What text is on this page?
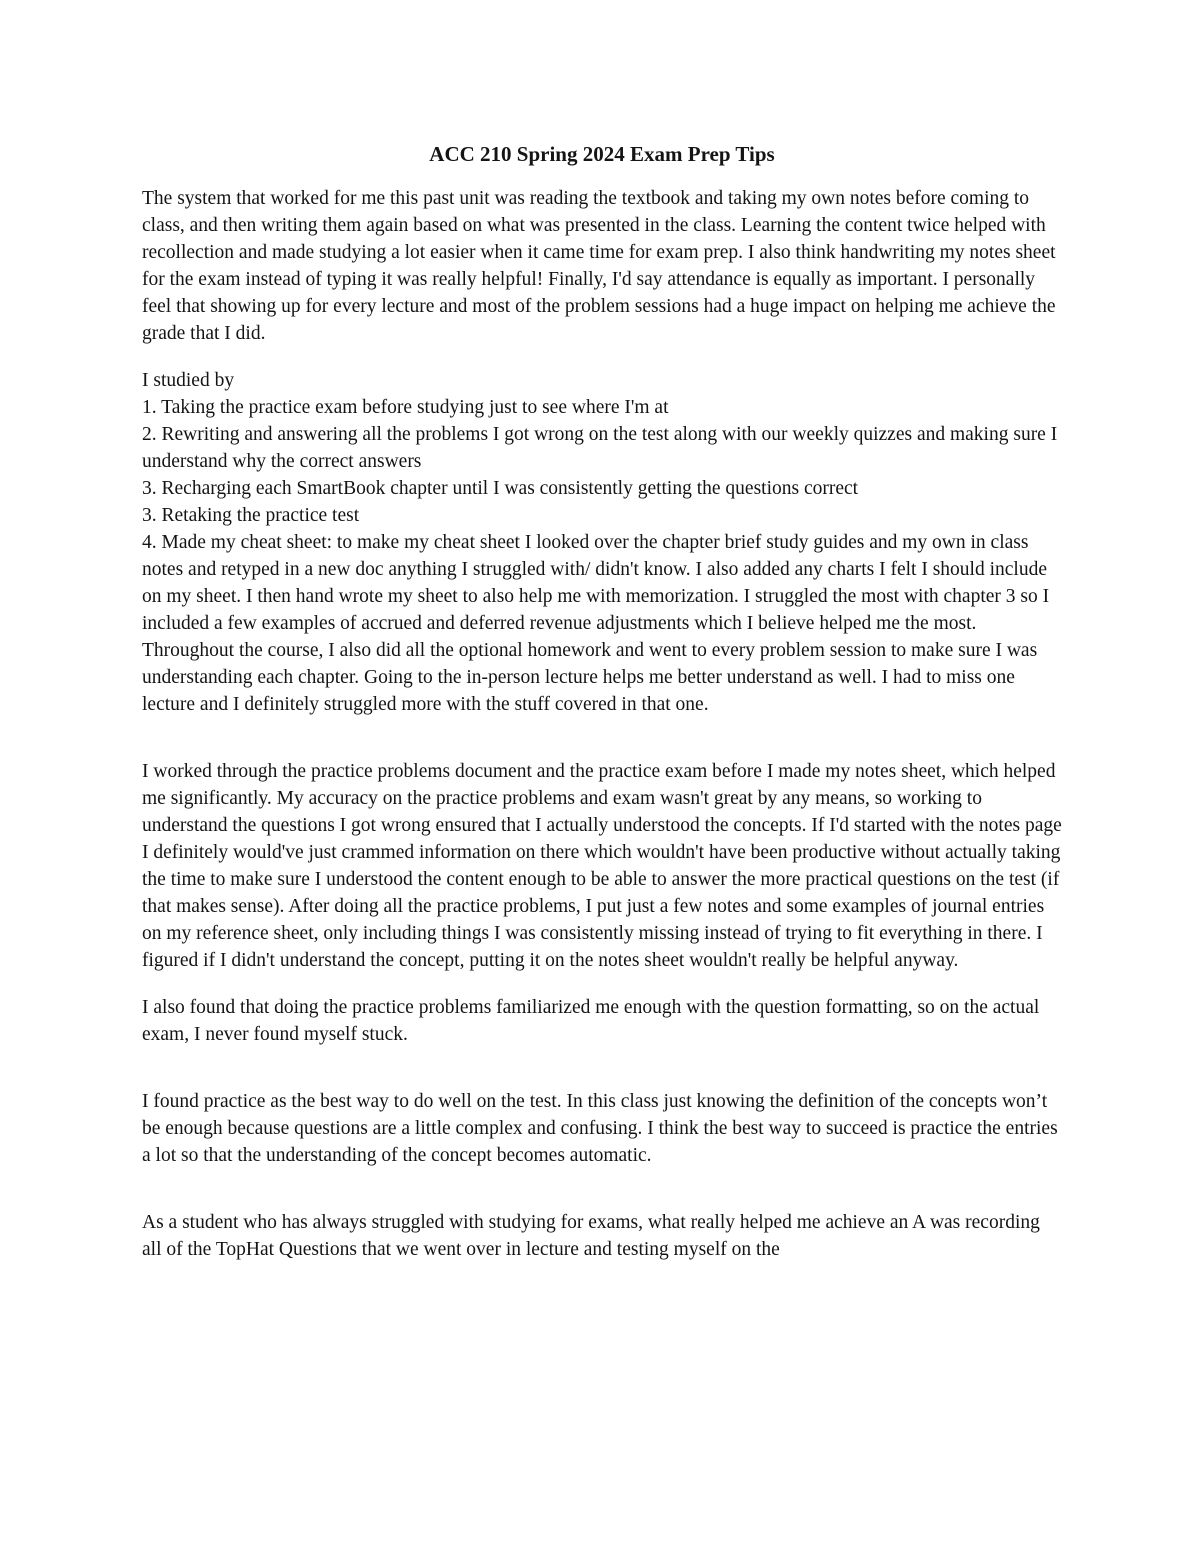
ACC 210 Spring 2024 Exam Prep Tips

The system that worked for me this past unit was reading the textbook and taking my own notes before coming to class, and then writing them again based on what was presented in the class. Learning the content twice helped with recollection and made studying a lot easier when it came time for exam prep. I also think handwriting my notes sheet for the exam instead of typing it was really helpful! Finally, I'd say attendance is equally as important. I personally feel that showing up for every lecture and most of the problem sessions had a huge impact on helping me achieve the grade that I did.

I studied by
1. Taking the practice exam before studying just to see where I'm at
2. Rewriting and answering all the problems I got wrong on the test along with our weekly quizzes and making sure I understand why the correct answers
3. Recharging each SmartBook chapter until I was consistently getting the questions correct
3. Retaking the practice test
4. Made my cheat sheet: to make my cheat sheet I looked over the chapter brief study guides and my own in class notes and retyped in a new doc anything I struggled with/ didn't know. I also added any charts I felt I should include on my sheet. I then hand wrote my sheet to also help me with memorization. I struggled the most with chapter 3 so I included a few examples of accrued and deferred revenue adjustments which I believe helped me the most.

Throughout the course, I also did all the optional homework and went to every problem session to make sure I was understanding each chapter. Going to the in-person lecture helps me better understand as well. I had to miss one lecture and I definitely struggled more with the stuff covered in that one.

I worked through the practice problems document and the practice exam before I made my notes sheet, which helped me significantly. My accuracy on the practice problems and exam wasn't great by any means, so working to understand the questions I got wrong ensured that I actually understood the concepts. If I'd started with the notes page I definitely would've just crammed information on there which wouldn't have been productive without actually taking the time to make sure I understood the content enough to be able to answer the more practical questions on the test (if that makes sense). After doing all the practice problems, I put just a few notes and some examples of journal entries on my reference sheet, only including things I was consistently missing instead of trying to fit everything in there. I figured if I didn't understand the concept, putting it on the notes sheet wouldn't really be helpful anyway.

I also found that doing the practice problems familiarized me enough with the question formatting, so on the actual exam, I never found myself stuck.

I found practice as the best way to do well on the test. In this class just knowing the definition of the concepts won’t be enough because questions are a little complex and confusing. I think the best way to succeed is practice the entries a lot so that the understanding of the concept becomes automatic.

As a student who has always struggled with studying for exams, what really helped me achieve an A was recording all of the TopHat Questions that we went over in lecture and testing myself on the
